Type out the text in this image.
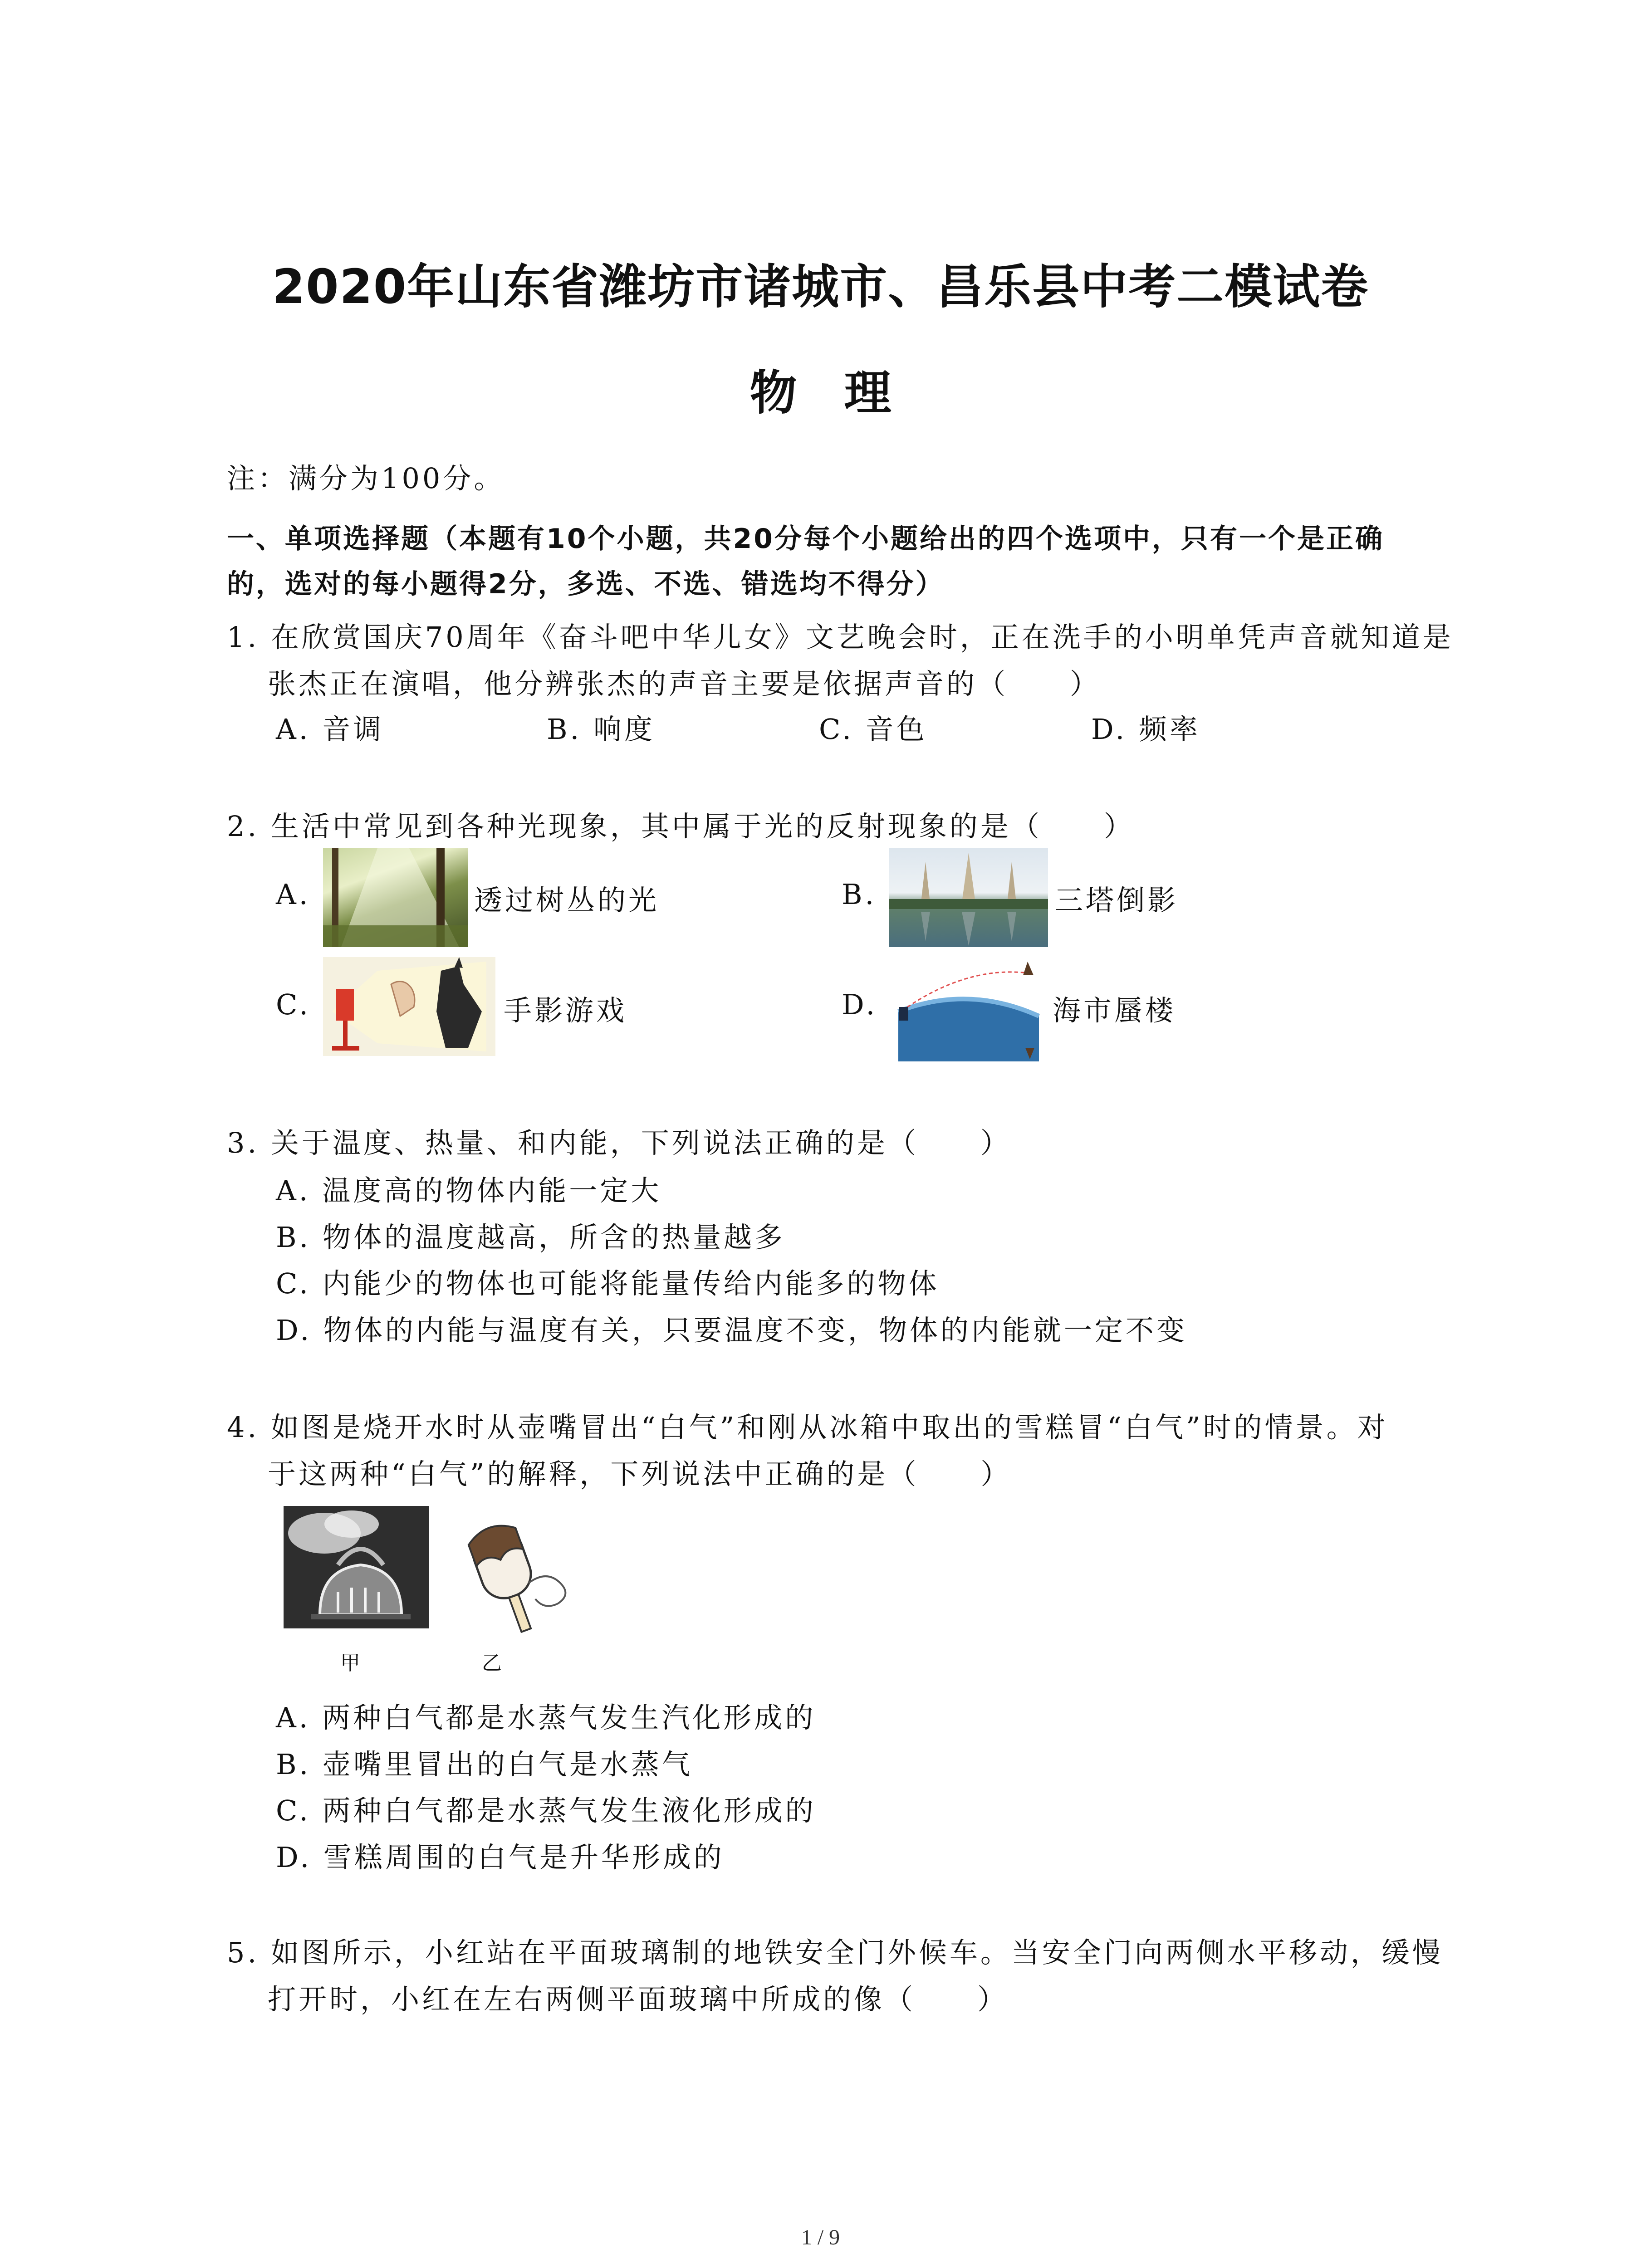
2020年山东省潍坊市诸城市、昌乐县中考二模试卷
物　理
注：满分为100分。
一、单项选择题（本题有10个小题，共20分每个小题给出的四个选项中，只有一个是正确
的，选对的每小题得2分，多选、不选、错选均不得分）
1. 在欣赏国庆70周年《奋斗吧中华儿女》文艺晚会时，正在洗手的小明单凭声音就知道是
张杰正在演唱，他分辨张杰的声音主要是依据声音的（　　）
A. 音调	B. 响度	C. 音色	D. 频率
2. 生活中常见到各种光现象，其中属于光的反射现象的是（　　）
A.	透过树丛的光	B.	三塔倒影
C.	手影游戏	D.	海市蜃楼
3. 关于温度、热量、和内能，下列说法正确的是（　　）
A. 温度高的物体内能一定大
B. 物体的温度越高，所含的热量越多
C. 内能少的物体也可能将能量传给内能多的物体
D. 物体的内能与温度有关，只要温度不变，物体的内能就一定不变
4. 如图是烧开水时从壶嘴冒出“白气”和刚从冰箱中取出的雪糕冒“白气”时的情景。对
于这两种“白气”的解释，下列说法中正确的是（　　）
甲	乙
A. 两种白气都是水蒸气发生汽化形成的
B. 壶嘴里冒出的白气是水蒸气
C. 两种白气都是水蒸气发生液化形成的
D. 雪糕周围的白气是升华形成的
5. 如图所示，小红站在平面玻璃制的地铁安全门外候车。当安全门向两侧水平移动，缓慢
打开时，小红在左右两侧平面玻璃中所成的像（　　）
1 / 9
